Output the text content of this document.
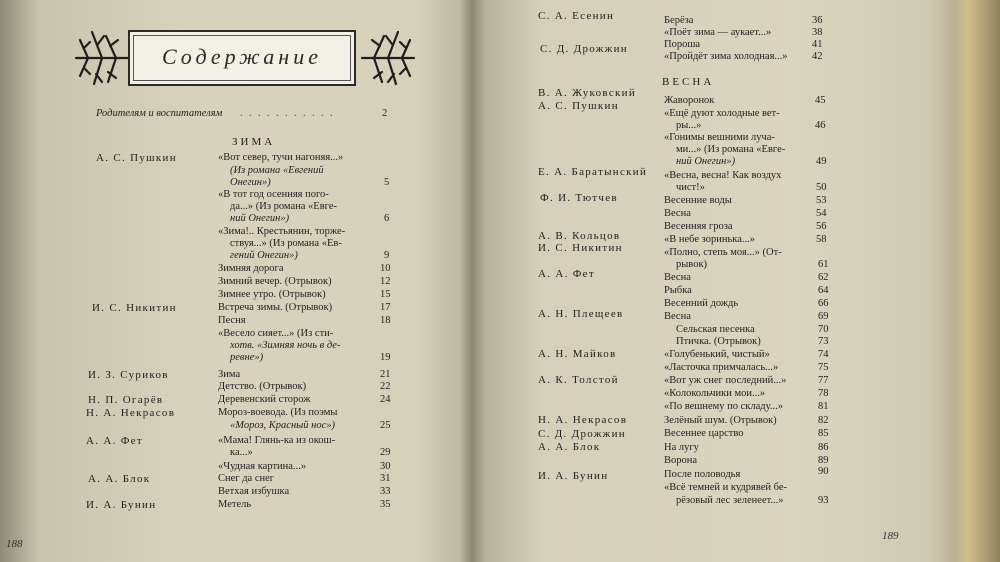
Содержание
Родителям и воспитателям . . . . . . . . . . .	2
ЗИМА
А. С. Пушкин
И. С. Никитин
И. З. Суриков
Н. П. Огарёв
Н. А. Некрасов
А. А. Фет
А. А. Блок
И. А. Бунин
«Вот север, тучи нагоняя...»
(Из романа «Евгений
Онегин»)
«В тот год осенняя пого-
да...» (Из романа «Евге-
ний Онегин»)
«Зима!.. Крестьянин, торже-
ствуя...» (Из романа «Ев-
гений Онегин»)
Зимняя дорога
Зимний вечер. (Отрывок)
Зимнее утро. (Отрывок)
Встреча зимы. (Отрывок)
Песня
«Весело сияет...» (Из сти-
хотв. «Зимняя ночь в де-
ревне»)
Зима
Детство. (Отрывок)
Деревенский сторож
Мороз-воевода. (Из поэмы
«Мороз, Красный нос»)
«Мама! Глянь-ка из окош-
ка...»
«Чудная картина...»
Снег да снег
Ветхая избушка
Метель
5
6
9
10
12
15
17
18
19
21
22
24
25
29
30
31
33
35
188
С. А. Есенин
С. Д. Дрожжин
В. А. Жуковский
А. С. Пушкин
Е. А. Баратынский
Ф. И. Тютчев
А. В. Кольцов
И. С. Никитин
А. А. Фет
А. Н. Плещеев
А. Н. Майков
А. К. Толстой
Н. А. Некрасов
С. Д. Дрожжин
А. А. Блок
И. А. Бунин
ВЕСНА
Берёза
«Поёт зима — аукает...»
Пороша
«Пройдёт зима холодная...»
Жаворонок
«Ещё дуют холодные вет-
ры...»
«Гонимы вешними луча-
ми...» (Из романа «Евге-
ний Онегин»)
«Весна, весна! Как воздух
чист!»
Весенние воды
Весна
Весенняя гроза
«В небе зоринька...»
«Полно, степь моя...» (От-
рывок)
Весна
Рыбка
Весенний дождь
Весна
Сельская песенка
Птичка. (Отрывок)
«Голубенький, чистый»
«Ласточка примчалась...»
«Вот уж снег последний...»
«Колокольчики мои...»
«По вешнему по складу...»
Зелёный шум. (Отрывок)
Весеннее царство
На лугу
Ворона
После половодья
«Всё темней и кудрявей бе-
рёзовый лес зеленеет...»
36
38
41
42
45
46
49
50
53
54
56
58
61
62
64
66
69
70
73
74
75
77
78
81
82
85
86
89
90
93
189
